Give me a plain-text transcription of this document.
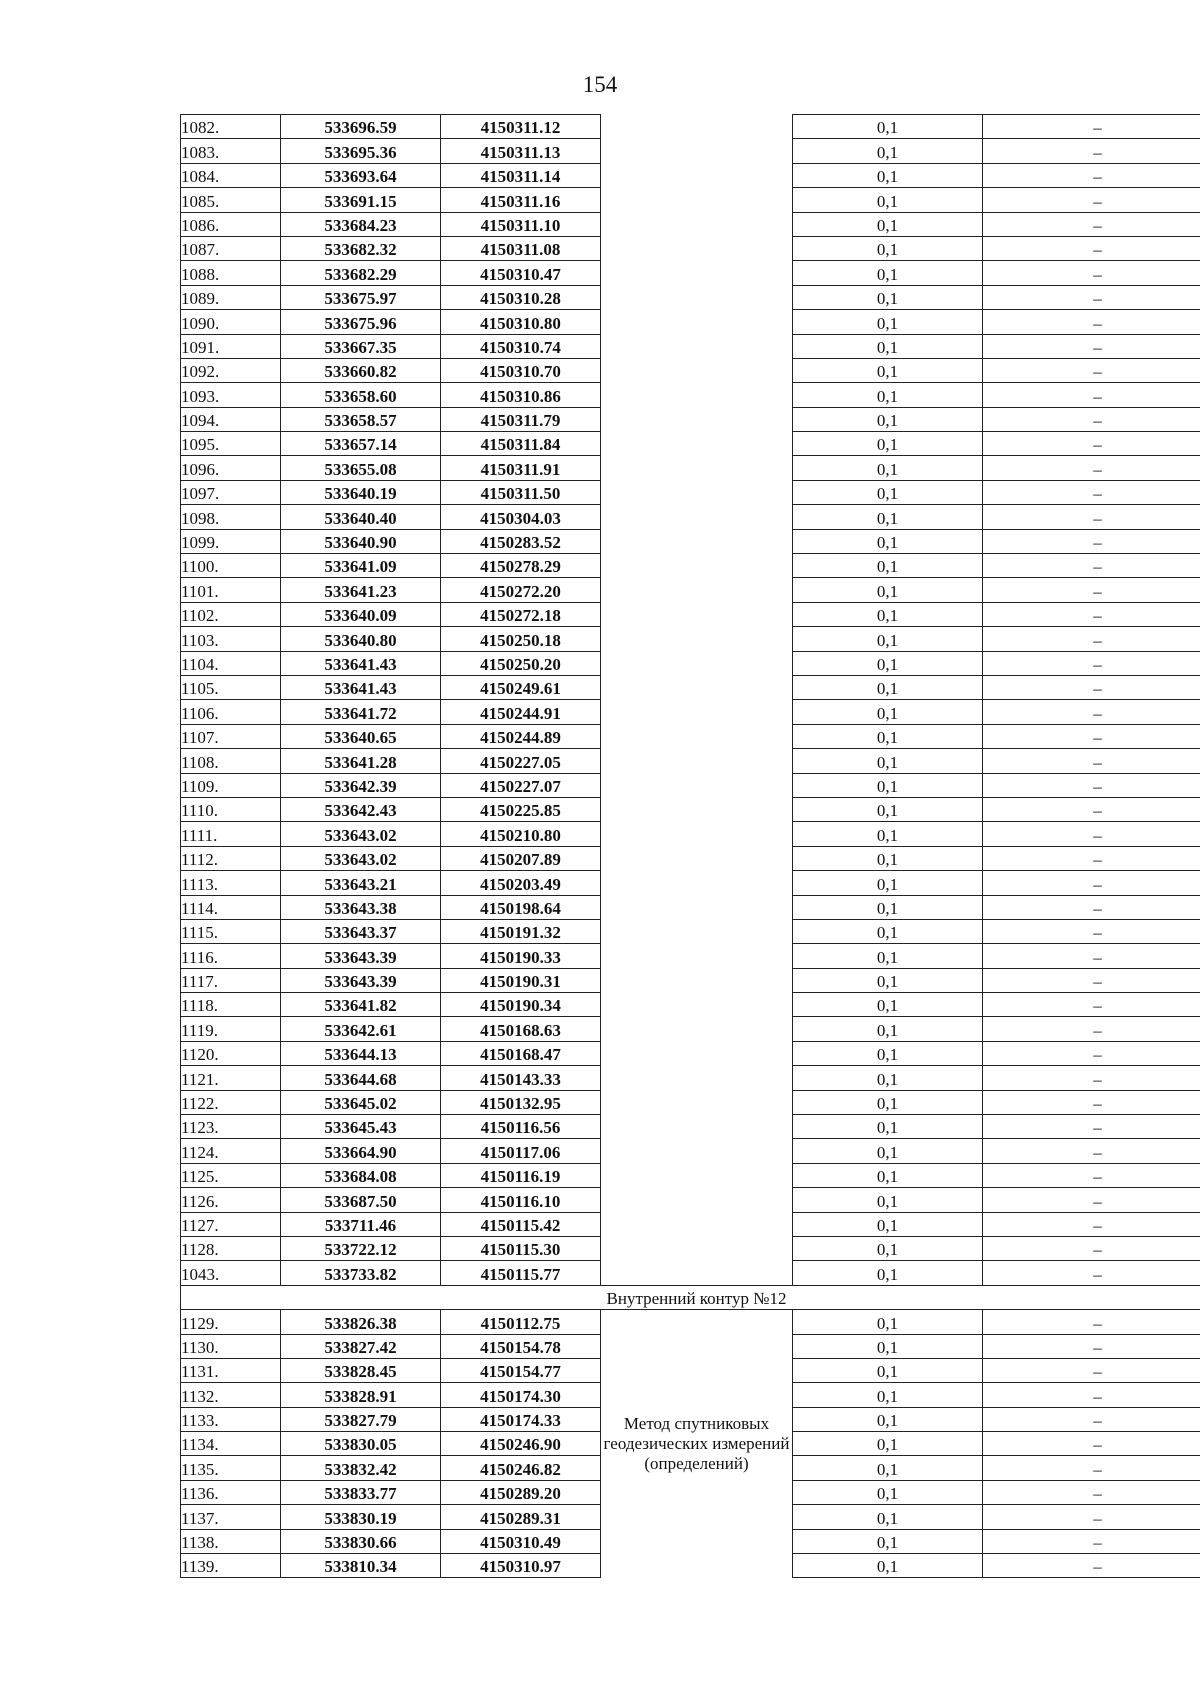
154
1082.	533696.59	4150311.12		0,1	–
1083.	533695.36	4150311.13		0,1	–
1084.	533693.64	4150311.14		0,1	–
1085.	533691.15	4150311.16		0,1	–
1086.	533684.23	4150311.10		0,1	–
1087.	533682.32	4150311.08		0,1	–
1088.	533682.29	4150310.47		0,1	–
1089.	533675.97	4150310.28		0,1	–
1090.	533675.96	4150310.80		0,1	–
1091.	533667.35	4150310.74		0,1	–
1092.	533660.82	4150310.70		0,1	–
1093.	533658.60	4150310.86		0,1	–
1094.	533658.57	4150311.79		0,1	–
1095.	533657.14	4150311.84		0,1	–
1096.	533655.08	4150311.91		0,1	–
1097.	533640.19	4150311.50		0,1	–
1098.	533640.40	4150304.03		0,1	–
1099.	533640.90	4150283.52		0,1	–
1100.	533641.09	4150278.29		0,1	–
1101.	533641.23	4150272.20		0,1	–
1102.	533640.09	4150272.18		0,1	–
1103.	533640.80	4150250.18		0,1	–
1104.	533641.43	4150250.20		0,1	–
1105.	533641.43	4150249.61		0,1	–
1106.	533641.72	4150244.91		0,1	–
1107.	533640.65	4150244.89		0,1	–
1108.	533641.28	4150227.05		0,1	–
1109.	533642.39	4150227.07		0,1	–
1110.	533642.43	4150225.85		0,1	–
1111.	533643.02	4150210.80		0,1	–
1112.	533643.02	4150207.89		0,1	–
1113.	533643.21	4150203.49		0,1	–
1114.	533643.38	4150198.64		0,1	–
1115.	533643.37	4150191.32		0,1	–
1116.	533643.39	4150190.33		0,1	–
1117.	533643.39	4150190.31		0,1	–
1118.	533641.82	4150190.34		0,1	–
1119.	533642.61	4150168.63		0,1	–
1120.	533644.13	4150168.47		0,1	–
1121.	533644.68	4150143.33		0,1	–
1122.	533645.02	4150132.95		0,1	–
1123.	533645.43	4150116.56		0,1	–
1124.	533664.90	4150117.06		0,1	–
1125.	533684.08	4150116.19		0,1	–
1126.	533687.50	4150116.10		0,1	–
1127.	533711.46	4150115.42		0,1	–
1128.	533722.12	4150115.30		0,1	–
1043.	533733.82	4150115.77		0,1	–
Внутренний контур №12					
1129.	533826.38	4150112.75	Метод спутниковых геодезических измерений (определений)	0,1	–
1130.	533827.42	4150154.78		0,1	–
1131.	533828.45	4150154.77		0,1	–
1132.	533828.91	4150174.30		0,1	–
1133.	533827.79	4150174.33		0,1	–
1134.	533830.05	4150246.90		0,1	–
1135.	533832.42	4150246.82		0,1	–
1136.	533833.77	4150289.20		0,1	–
1137.	533830.19	4150289.31		0,1	–
1138.	533830.66	4150310.49		0,1	–
1139.	533810.34	4150310.97		0,1	–
